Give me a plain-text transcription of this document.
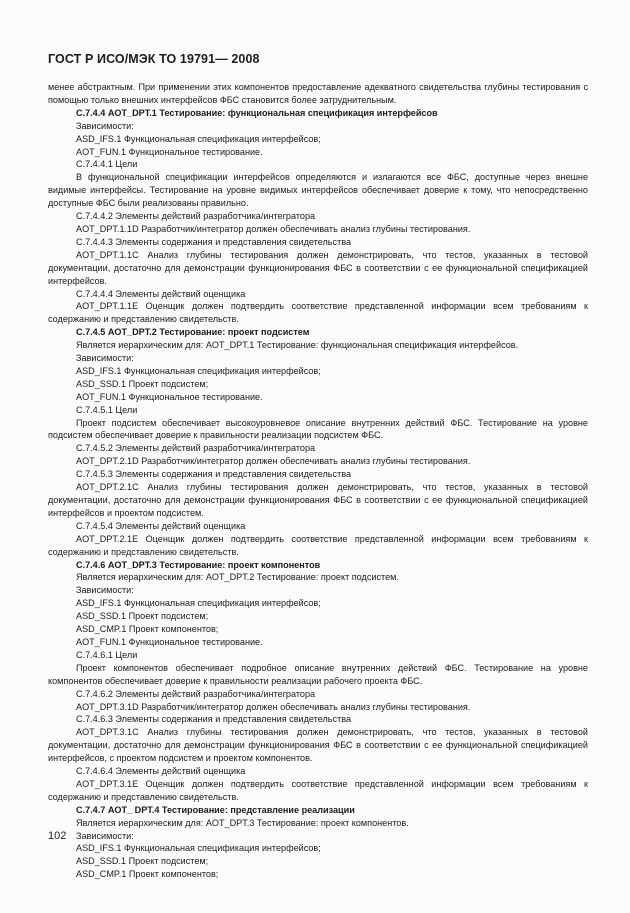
ГОСТ Р ИСО/МЭК ТО 19791— 2008

менее абстрактным. При применении этих компонентов предоставление адекватного свидетельства глубины тестирования с помощью только внешних интерфейсов ФБС становится более затруднительным.

С.7.4.4 AOT_DPT.1 Тестирование: функциональная спецификация интерфейсов

Зависимости:

ASD_IFS.1 Функциональная спецификация интерфейсов;

AOT_FUN.1 Функциональное тестирование.

С.7.4.4.1 Цели

В функциональной спецификации интерфейсов определяются и излагаются все ФБС, доступные через внешне видимые интерфейсы. Тестирование на уровне видимых интерфейсов обеспечивает доверие к тому, что непосредственно доступные ФБС были реализованы правильно.

С.7.4.4.2 Элементы действий разработчика/интегратора

AOT_DPT.1.1D Разработчик/интегратор должен обеспечивать анализ глубины тестирования.

С.7.4.4.3 Элементы содержания и представления свидетельства

AOT_DPT.1.1С Анализ глубины тестирования должен демонстрировать, что тестов, указанных в тестовой документации, достаточно для демонстрации функционирования ФБС в соответствии с ее функциональной спецификацией интерфейсов.

С.7.4.4.4 Элементы действий оценщика

AOT_DPT.1.1E Оценщик должен подтвердить соответствие представленной информации всем требованиям к содержанию и представлению свидетельств.

С.7.4.5 AOT_DPT.2 Тестирование: проект подсистем

Является иерархическим для: AOT_DPT.1 Тестирование: функциональная спецификация интерфейсов.

Зависимости:

ASD_IFS.1 Функциональная спецификация интерфейсов;

ASD_SSD.1 Проект подсистем;

AOT_FUN.1 Функциональное тестирование.

С.7.4.5.1 Цели

Проект подсистем обеспечивает высокоуровневое описание внутренних действий ФБС. Тестирование на уровне подсистем обеспечивает доверие к правильности реализации подсистем ФБС.

С.7.4.5.2 Элементы действий разработчика/интегратора

AOT_DPT.2.1D Разработчик/интегратор должен обеспечивать анализ глубины тестирования.

С.7.4.5.3 Элементы содержания и представления свидетельства

AOT_DPT.2.1С Анализ глубины тестирования должен демонстрировать, что тестов, указанных в тестовой документации, достаточно для демонстрации функционирования ФБС в соответствии с ее функциональной спецификацией интерфейсов и проектом подсистем.

С.7.4.5.4 Элементы действий оценщика

AOT_DPT.2.1E Оценщик должен подтвердить соответствие представленной информации всем требованиям к содержанию и представлению свидетельств.

С.7.4.6 AOT_DPT.3 Тестирование: проект компонентов

Является иерархическим для: AOT_DPT.2 Тестирование: проект подсистем.

Зависимости:

ASD_IFS.1 Функциональная спецификация интерфейсов;

ASD_SSD.1 Проект подсистем;

ASD_CMP.1 Проект компонентов;

AOT_FUN.1 Функциональное тестирование.

С.7.4.6.1 Цели

Проект компонентов обеспечивает подробное описание внутренних действий ФБС. Тестирование на уровне компонентов обеспечивает доверие к правильности реализации рабочего проекта ФБС.

С.7.4.6.2 Элементы действий разработчика/интегратора

AOT_DPT.3.1D Разработчик/интегратор должен обеспечивать анализ глубины тестирования.

С.7.4.6.3 Элементы содержания и представления свидетельства

AOT_DPT.3.1С Анализ глубины тестирования должен демонстрировать, что тестов, указанных в тестовой документации, достаточно для демонстрации функционирования ФБС в соответствии с ее функциональной спецификацией интерфейсов, с проектом подсистем и проектом компонентов.

С.7.4.6.4 Элементы действий оценщика

AOT_DPT.3.1E Оценщик должен подтвердить соответствие представленной информации всем требованиям к содержанию и представлению свидетельств.

С.7.4.7 AOT_ DPT.4 Тестирование: представление реализации

Является иерархическим для: AOT_DPT.3 Тестирование: проект компонентов.

Зависимости:

ASD_IFS.1 Функциональная спецификация интерфейсов;

ASD_SSD.1 Проект подсистем;

ASD_CMP.1 Проект компонентов;

102
